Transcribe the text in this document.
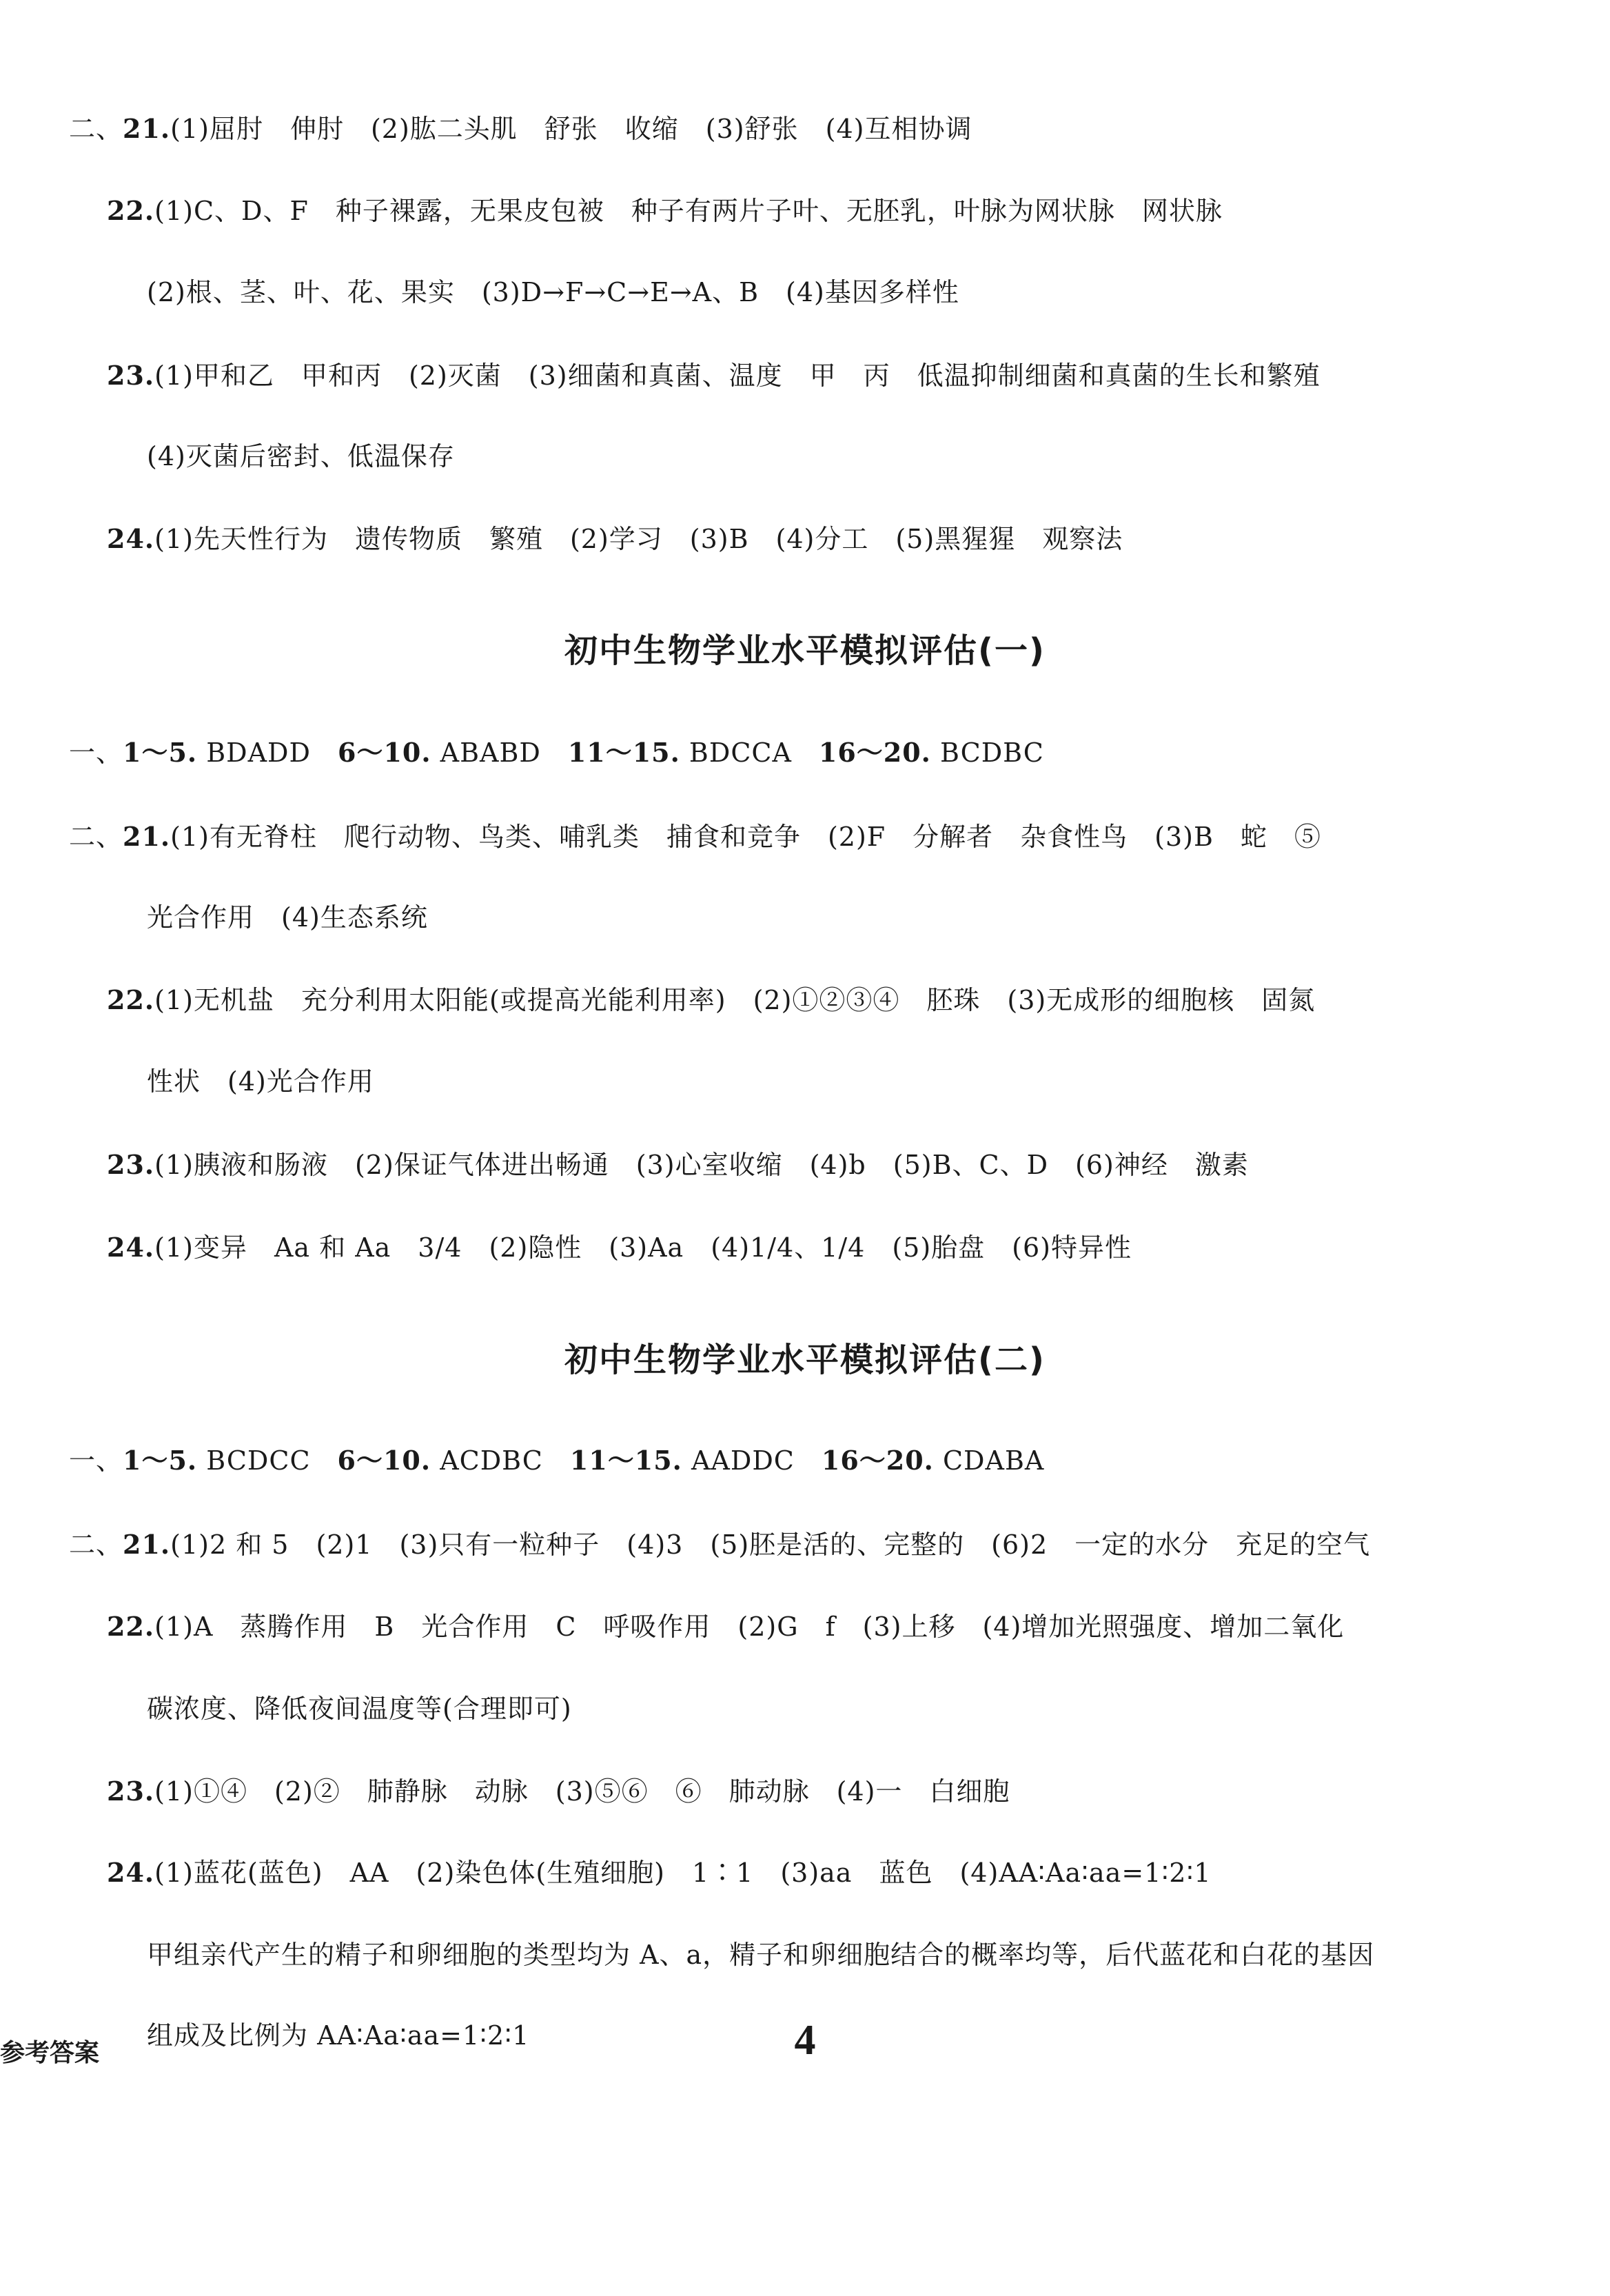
二、21.(1)屈肘　伸肘　(2)肱二头肌　舒张　收缩　(3)舒张　(4)互相协调
22.(1)C、D、F　种子裸露，无果皮包被　种子有两片子叶、无胚乳，叶脉为网状脉　网状脉
(2)根、茎、叶、花、果实　(3)D→F→C→E→A、B　(4)基因多样性
23.(1)甲和乙　甲和丙　(2)灭菌　(3)细菌和真菌、温度　甲　丙　低温抑制细菌和真菌的生长和繁殖
(4)灭菌后密封、低温保存
24.(1)先天性行为　遗传物质　繁殖　(2)学习　(3)B　(4)分工　(5)黑猩猩　观察法
初中生物学业水平模拟评估(一)
一、1～5. BDADD　6～10. ABABD　11～15. BDCCA　16～20. BCDBC
二、21.(1)有无脊柱　爬行动物、鸟类、哺乳类　捕食和竞争　(2)F　分解者　杂食性鸟　(3)B　蛇　⑤
光合作用　(4)生态系统
22.(1)无机盐　充分利用太阳能(或提高光能利用率)　(2)①②③④　胚珠　(3)无成形的细胞核　固氮
性状　(4)光合作用
23.(1)胰液和肠液　(2)保证气体进出畅通　(3)心室收缩　(4)b　(5)B、C、D　(6)神经　激素
24.(1)变异　Aa 和 Aa　3/4　(2)隐性　(3)Aa　(4)1/4、1/4　(5)胎盘　(6)特异性
初中生物学业水平模拟评估(二)
一、1～5. BCDCC　6～10. ACDBC　11～15. AADDC　16～20. CDABA
二、21.(1)2 和 5　(2)1　(3)只有一粒种子　(4)3　(5)胚是活的、完整的　(6)2　一定的水分　充足的空气
22.(1)A　蒸腾作用　B　光合作用　C　呼吸作用　(2)G　f　(3)上移　(4)增加光照强度、增加二氧化
碳浓度、降低夜间温度等(合理即可)
23.(1)①④　(2)②　肺静脉　动脉　(3)⑤⑥　⑥　肺动脉　(4)一　白细胞
24.(1)蓝花(蓝色)　AA　(2)染色体(生殖细胞)　1∶1　(3)aa　蓝色　(4)AA∶Aa∶aa=1∶2∶1
甲组亲代产生的精子和卵细胞的类型均为 A、a，精子和卵细胞结合的概率均等，后代蓝花和白花的基因
组成及比例为 AA∶Aa∶aa=1∶2∶1
参考答案	4
